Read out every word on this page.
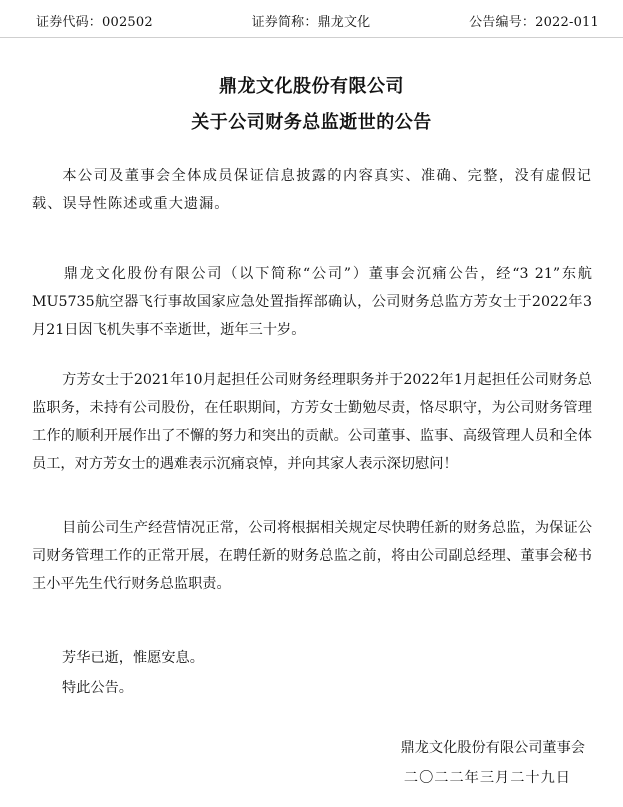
证券代码：002502	证券简称：鼎龙文化	公告编号：2022-011
鼎龙文化股份有限公司
关于公司财务总监逝世的公告

本公司及董事会全体成员保证信息披露的内容真实、准确、完整，没有虚假记载、误导性陈述或重大遗漏。

鼎龙文化股份有限公司（以下简称“公司”）董事会沉痛公告，经“3 21”东航MU5735航空器飞行事故国家应急处置指挥部确认，公司财务总监方芳女士于2022年3月21日因飞机失事不幸逝世，逝年三十岁。

方芳女士于2021年10月起担任公司财务经理职务并于2022年1月起担任公司财务总监职务，未持有公司股份，在任职期间，方芳女士勤勉尽责，恪尽职守，为公司财务管理工作的顺利开展作出了不懈的努力和突出的贡献。公司董事、监事、高级管理人员和全体员工，对方芳女士的遇难表示沉痛哀悼，并向其家人表示深切慰问！

目前公司生产经营情况正常，公司将根据相关规定尽快聘任新的财务总监，为保证公司财务管理工作的正常开展，在聘任新的财务总监之前，将由公司副总经理、董事会秘书王小平先生代行财务总监职责。

芳华已逝，惟愿安息。
特此公告。
鼎龙文化股份有限公司董事会
二〇二二年三月二十九日
